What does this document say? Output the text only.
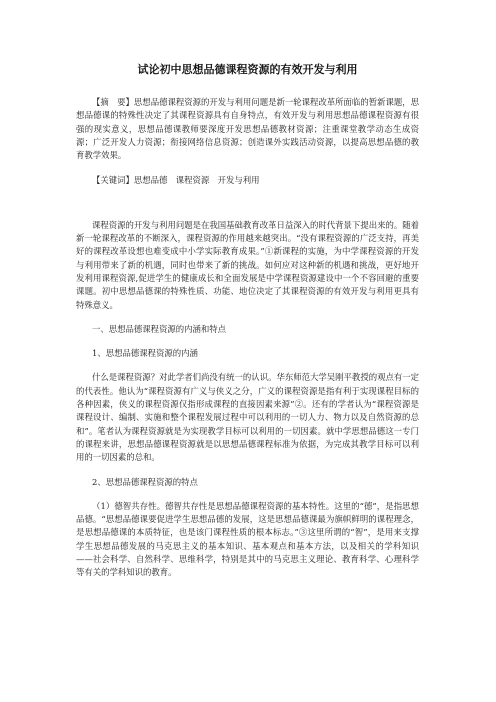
试论初中思想品德课程资源的有效开发与利用

【摘　要】思想品德课程资源的开发与利用问题是新一轮课程改革所面临的暂新课题，思想品德课的特殊性决定了其课程资源具有自身特点，有效开发与利用思想品德课程资源有很强的现实意义，思想品德课教师要深度开发思想品德教材资源；注重课堂教学动态生成资源；广泛开发人力资源；衔接网络信息资源；创造课外实践活动资源，以提高思想品德的教育教学效果。

【关键词】思想品德　课程资源　开发与利用

课程资源的开发与利用问题是在我国基础教育改革日益深入的时代背景下提出来的。随着新一轮课程改革的不断深入，课程资源的作用越来越突出。“没有课程资源的广泛支持，再美好的课程改革设想也难变成中小学实际教育成果。”①新课程的实施，为中学课程资源的开发与利用带来了新的机遇，同时也带来了新的挑战。如何应对这种新的机遇和挑战，更好地开发利用课程资源,促进学生的健康成长和全面发展是中学课程资源建设中一个不容回避的重要课题。初中思想品德课的特殊性质、功能、地位决定了其课程资源的有效开发与利用更具有特殊意义。

一、思想品德课程资源的内涵和特点

1、思想品德课程资源的内涵

什么是课程资源？对此学者们尚没有统一的认识。华东师范大学吴刚平教授的观点有一定的代表性。他认为“课程资源有广义与侠义之分，广义的课程资源是指有利于实现课程目标的各种因素，侠义的课程资源仅指形成课程的直接因素来源”②。还有的学者认为“课程资源是课程设计、编制、实施和整个课程发展过程中可以利用的一切人力、物力以及自然资源的总和”。笔者认为课程资源就是为实现教学目标可以利用的一切因素。就中学思想品德这一专门的课程来讲，思想品德课程资源就是以思想品德课程标准为依据，为完成其教学目标可以利用的一切因素的总和。

2、思想品德课程资源的特点

（1）德智共存性。德智共存性是思想品德课程资源的基本特性。这里的“德”，是指思想品德。“思想品德课要促进学生思想品德的发展，这是思想品德课最为旗帜鲜明的课程理念，是思想品德课的本质特征，也是该门课程性质的根本标志。”③这里所谓的“智”，是用来支撑学生思想品德发展的马克思主义的基本知识、基本观点和基本方法，以及相关的学科知识——社会科学、自然科学、思维科学，特别是其中的马克思主义理论、教育科学、心理科学等有关的学科知识的教育。
